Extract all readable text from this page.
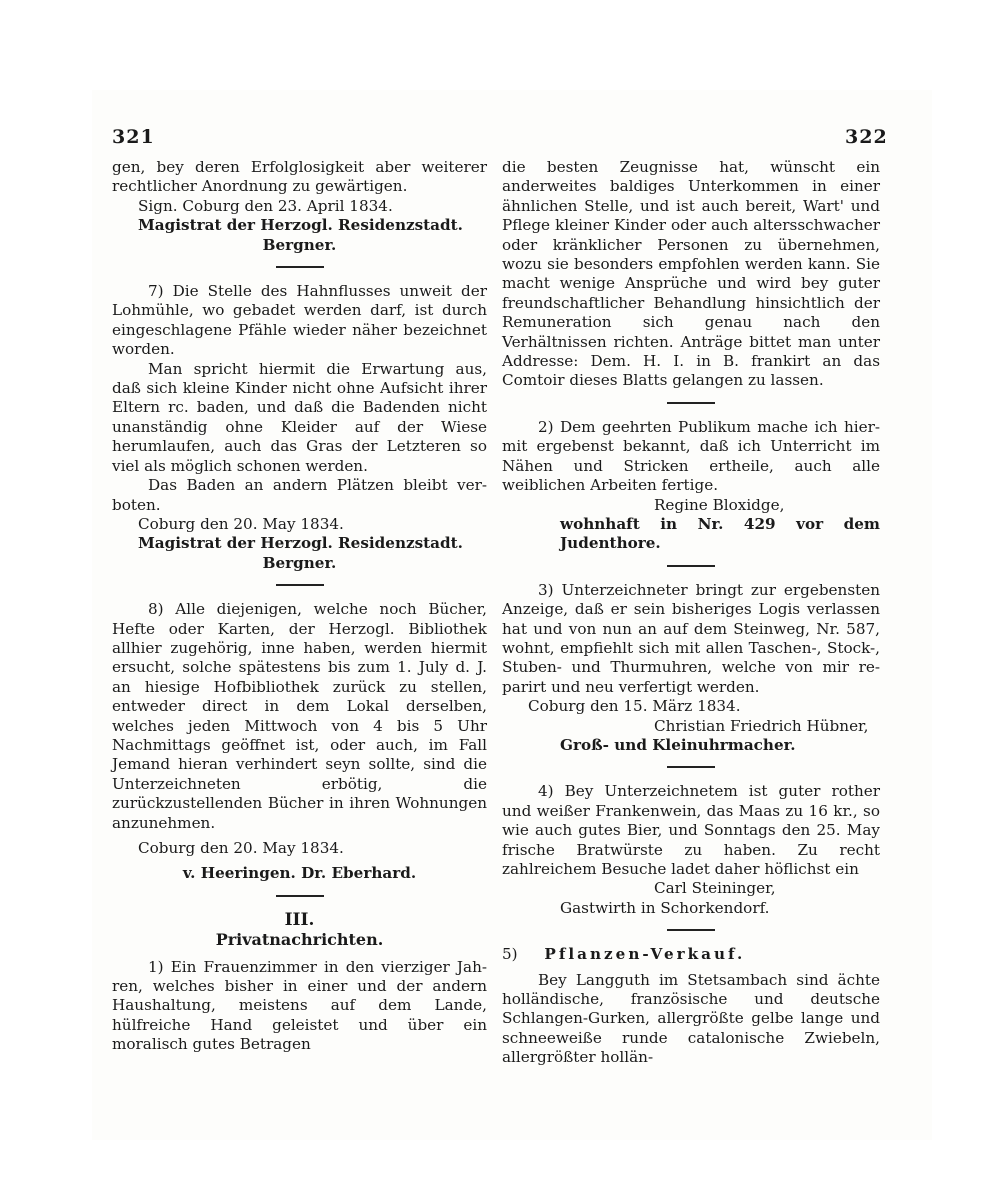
321	322

gen, bey deren Erfolglosigkeit aber weiterer rechtlicher Anordnung zu gewärtigen.

Sign. Coburg den 23. April 1834.

Magistrat der Herzogl. Residenzstadt.

Bergner.

7) Die Stelle des Hahnflusses unweit der Lohmühle, wo gebadet werden darf, ist durch eingeschlagene Pfähle wieder näher bezeichnet worden.

Man spricht hiermit die Erwartung aus, daß sich kleine Kinder nicht ohne Aufsicht ihrer Eltern rc. baden, und daß die Badenden nicht unanständig ohne Kleider auf der Wiese herumlaufen, auch das Gras der Letzteren so viel als möglich schonen werden.

Das Baden an andern Plätzen bleibt verboten.

Coburg den 20. May 1834.

Magistrat der Herzogl. Residenzstadt.

Bergner.

8) Alle diejenigen, welche noch Bücher, Hefte oder Karten, der Herzogl. Bibliothek allhier zugehörig, inne haben, werden hiermit ersucht, solche spätestens bis zum 1. July d. J. an hiesige Hofbibliothek zurück zu stellen, entweder direct in dem Lokal derselben, welches jeden Mittwoch von 4 bis 5 Uhr Nachmittags geöffnet ist, oder auch, im Fall Jemand hieran verhindert seyn sollte, sind die Unterzeichneten erbötig, die zurückzustellenden Bücher in ihren Wohnungen anzunehmen.

Coburg den 20. May 1834.

v. Heeringen. Dr. Eberhard.

III.
Privatnachrichten.

1) Ein Frauenzimmer in den vierziger Jahren, welches bisher in einer und der andern Haushaltung, meistens auf dem Lande, hülfreiche Hand geleistet und über ein moralisch gutes Betragen

die besten Zeugnisse hat, wünscht ein anderweites baldiges Unterkommen in einer ähnlichen Stelle, und ist auch bereit, Wart' und Pflege kleiner Kinder oder auch altersschwacher oder kränklicher Personen zu übernehmen, wozu sie besonders empfohlen werden kann. Sie macht wenige Ansprüche und wird bey guter freundschaftlicher Behandlung hinsichtlich der Remuneration sich genau nach den Verhältnissen richten. Anträge bittet man unter Addresse: Dem. H. I. in B. frankirt an das Comtoir dieses Blatts gelangen zu lassen.

2) Dem geehrten Publikum mache ich hiermit ergebenst bekannt, daß ich Unterricht im Nähen und Stricken ertheile, auch alle weiblichen Arbeiten fertige.

Regine Bloxidge,

wohnhaft in Nr. 429 vor dem Judenthore.

3) Unterzeichneter bringt zur ergebensten Anzeige, daß er sein bisheriges Logis verlassen hat und von nun an auf dem Steinweg, Nr. 587, wohnt, empfiehlt sich mit allen Taschen-, Stock-, Stuben- und Thurmuhren, welche von mir reparirt und neu verfertigt werden.

Coburg den 15. März 1834.

Christian Friedrich Hübner,

Groß- und Kleinuhrmacher.

4) Bey Unterzeichnetem ist guter rother und weißer Frankenwein, das Maas zu 16 kr., so wie auch gutes Bier, und Sonntags den 25. May frische Bratwürste zu haben. Zu recht zahlreichem Besuche ladet daher höflichst ein

Carl Steininger,

Gastwirth in Schorkendorf.

5) Pflanzen-Verkauf.

Bey Langguth im Stetsambach sind ächte holländische, französische und deutsche Schlangen-Gurken, allergrößte gelbe lange und schneeweiße runde catalonische Zwiebeln, allergrößter hollän-
